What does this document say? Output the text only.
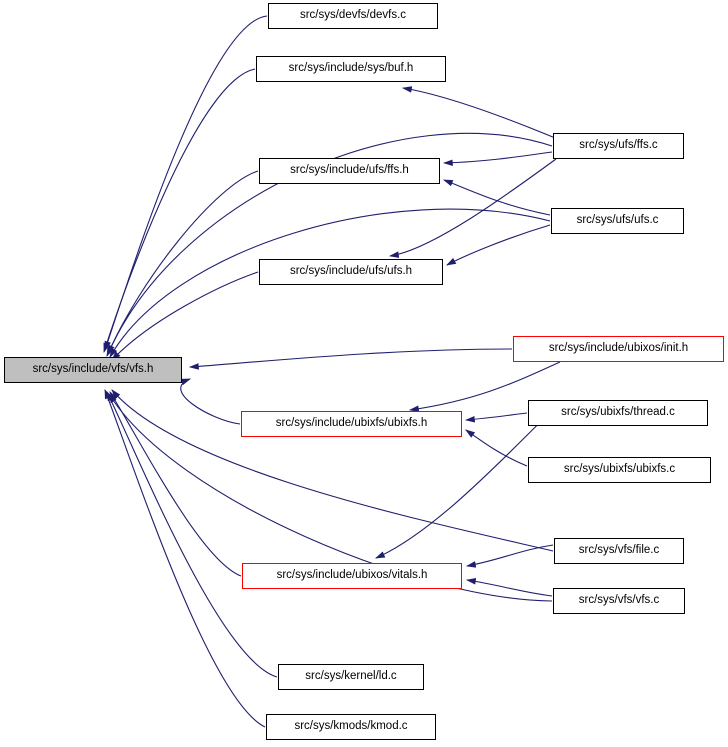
src/sys/include/vfs/vfs.h
src/sys/devfs/devfs.c
src/sys/include/sys/buf.h
src/sys/ufs/ffs.c
src/sys/include/ufs/ffs.h
src/sys/ufs/ufs.c
src/sys/include/ufs/ufs.h
src/sys/include/ubixos/init.h
src/sys/ubixfs/thread.c
src/sys/include/ubixfs/ubixfs.h
src/sys/ubixfs/ubixfs.c
src/sys/vfs/file.c
src/sys/include/ubixos/vitals.h
src/sys/vfs/vfs.c
src/sys/kernel/ld.c
src/sys/kmods/kmod.c
